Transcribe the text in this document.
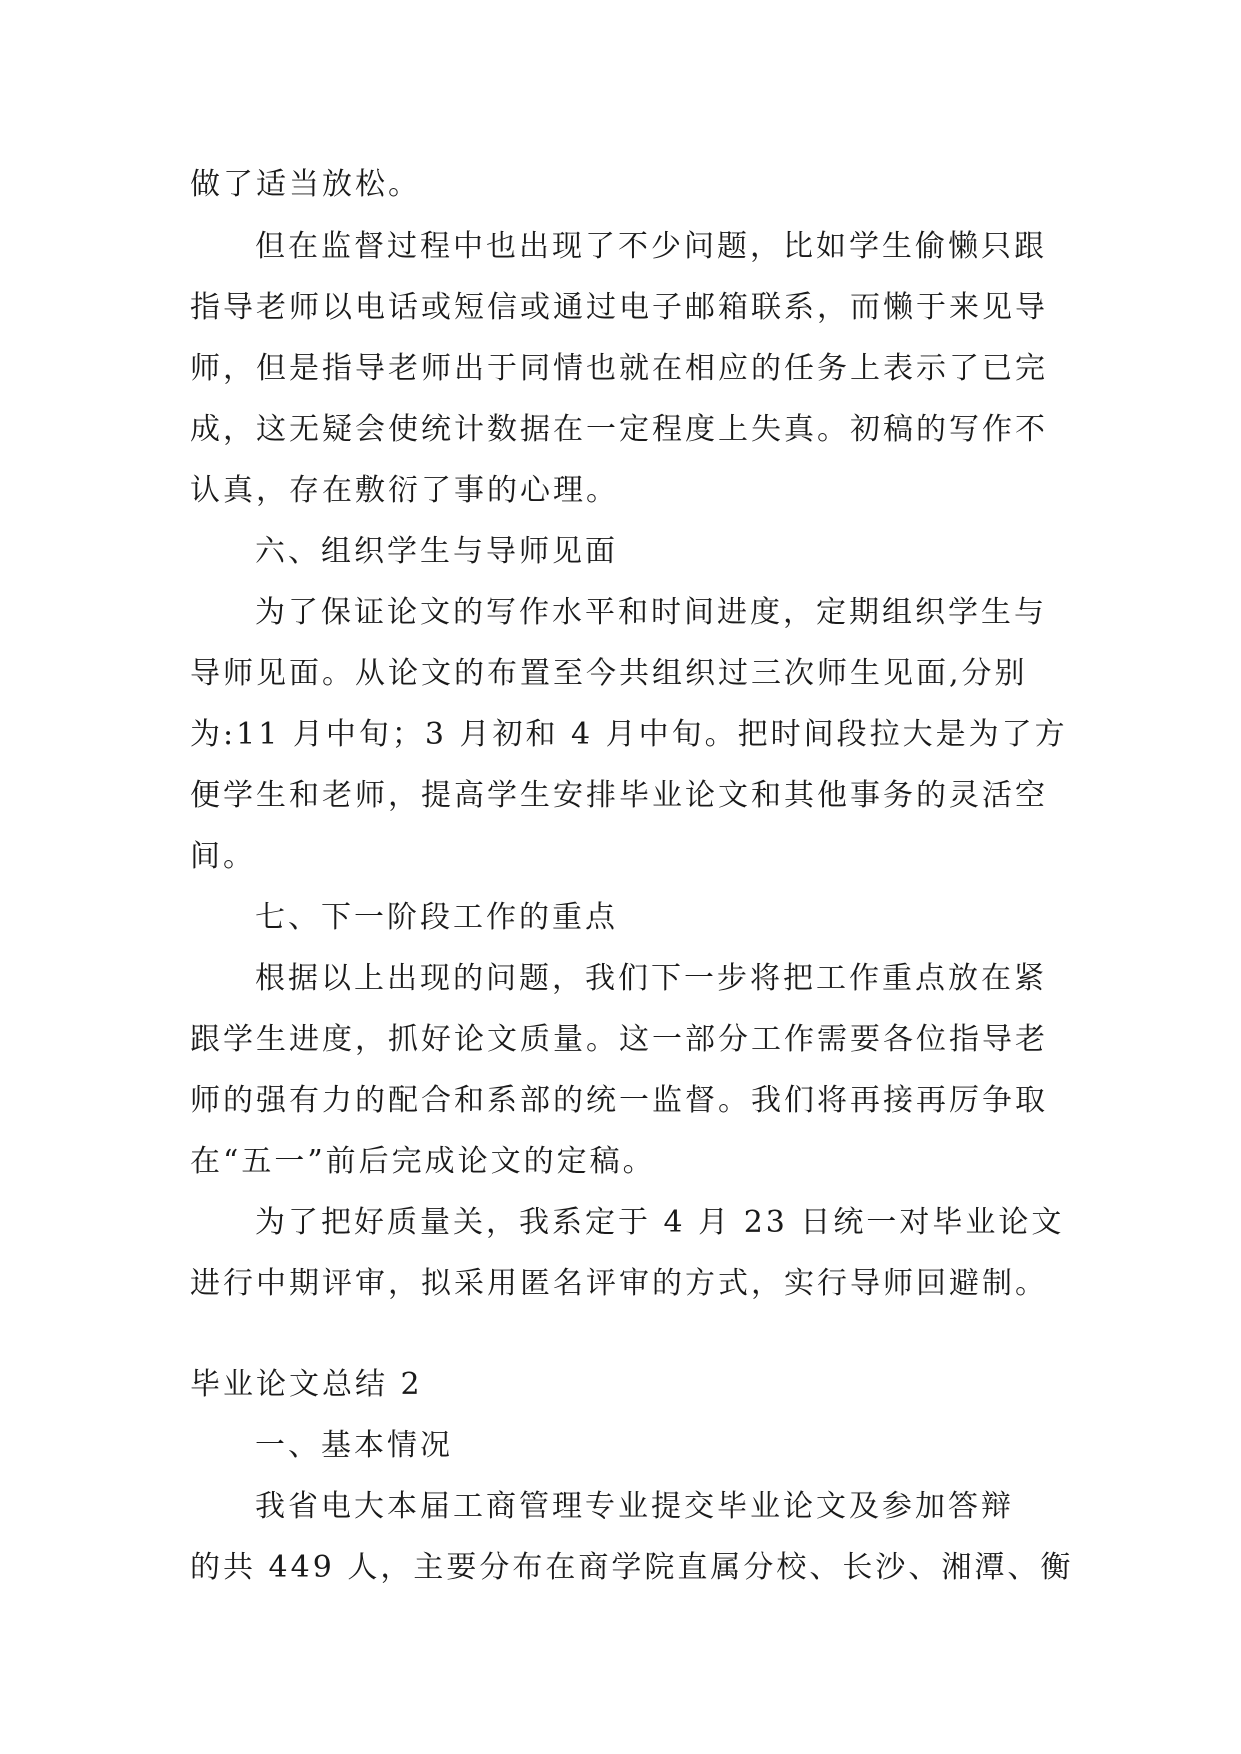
做了适当放松。
但在监督过程中也出现了不少问题，比如学生偷懒只跟
指导老师以电话或短信或通过电子邮箱联系，而懒于来见导
师，但是指导老师出于同情也就在相应的任务上表示了已完
成，这无疑会使统计数据在一定程度上失真。初稿的写作不
认真，存在敷衍了事的心理。
六、组织学生与导师见面
为了保证论文的写作水平和时间进度，定期组织学生与
导师见面。从论文的布置至今共组织过三次师生见面,分别
为:11 月中旬；3 月初和 4 月中旬。把时间段拉大是为了方
便学生和老师，提高学生安排毕业论文和其他事务的灵活空
间。
七、下一阶段工作的重点
根据以上出现的问题，我们下一步将把工作重点放在紧
跟学生进度，抓好论文质量。这一部分工作需要各位指导老
师的强有力的配合和系部的统一监督。我们将再接再厉争取
在“五一”前后完成论文的定稿。
为了把好质量关，我系定于 4 月 23 日统一对毕业论文
进行中期评审，拟采用匿名评审的方式，实行导师回避制。
毕业论文总结 2
一、基本情况
我省电大本届工商管理专业提交毕业论文及参加答辩
的共 449 人，主要分布在商学院直属分校、长沙、湘潭、衡
